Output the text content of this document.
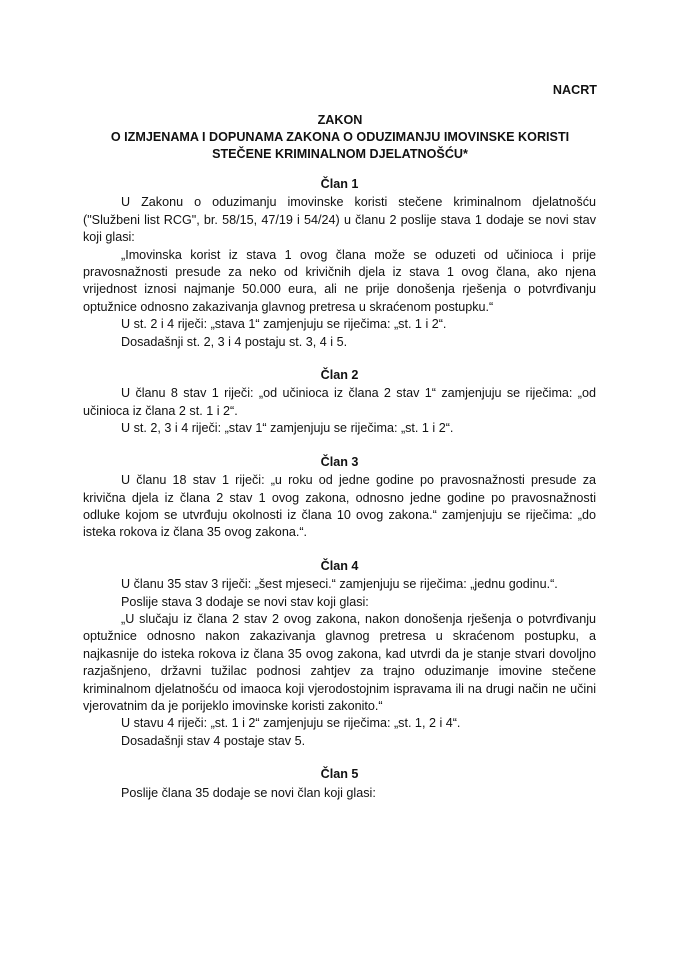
NACRT
ZAKON
O IZMJENAMA I DOPUNAMA ZAKONA O ODUZIMANJU IMOVINSKE KORISTI
STEČENE KRIMINALNOM DJELATNOŠĆU*

Član 1

U Zakonu o oduzimanju imovinske koristi stečene kriminalnom djelatnošću ("Službeni list RCG", br. 58/15, 47/19 i 54/24) u članu 2 poslije stava 1 dodaje se novi stav koji glasi:

„Imovinska korist iz stava 1 ovog člana može se oduzeti od učinioca i prije pravosnažnosti presude za neko od krivičnih djela iz stava 1 ovog člana, ako njena vrijednost iznosi najmanje 50.000 eura, ali ne prije donošenja rješenja o potvrđivanju optužnice odnosno zakazivanja glavnog pretresa u skraćenom postupku.“

U st. 2 i 4 riječi: „stava 1“ zamjenjuju se riječima: „st. 1 i 2“.

Dosadašnji st. 2, 3 i 4 postaju st. 3, 4 i 5.

Član 2

U članu 8 stav 1 riječi: „od učinioca iz člana 2 stav 1“ zamjenjuju se riječima: „od učinioca iz člana 2 st. 1 i 2“.

U st. 2, 3 i 4 riječi: „stav 1“ zamjenjuju se riječima: „st. 1 i 2“.

Član 3

U članu 18 stav 1 riječi: „u roku od jedne godine po pravosnažnosti presude za krivična djela iz člana 2 stav 1 ovog zakona, odnosno jedne godine po pravosnažnosti odluke kojom se utvrđuju okolnosti iz člana 10 ovog zakona.“ zamjenjuju se riječima: „do isteka rokova iz člana 35 ovog zakona.“.

Član 4

U članu 35 stav 3 riječi: „šest mjeseci.“ zamjenjuju se riječima: „jednu godinu.“.

Poslije stava 3 dodaje se novi stav koji glasi:

„U slučaju iz člana 2 stav 2 ovog zakona, nakon donošenja rješenja o potvrđivanju optužnice odnosno nakon zakazivanja glavnog pretresa u skraćenom postupku, a najkasnije do isteka rokova iz člana 35 ovog zakona, kad utvrdi da je stanje stvari dovoljno razjašnjeno, državni tužilac podnosi zahtjev za trajno oduzimanje imovine stečene kriminalnom djelatnošću od imaoca koji vjerodostojnim ispravama ili na drugi način ne učini vjerovatnim da je porijeklo imovinske koristi zakonito.“

U stavu 4 riječi: „st. 1 i 2“ zamjenjuju se riječima: „st. 1, 2 i 4“.

Dosadašnji stav 4 postaje stav 5.

Član 5

Poslije člana 35 dodaje se novi član koji glasi:
